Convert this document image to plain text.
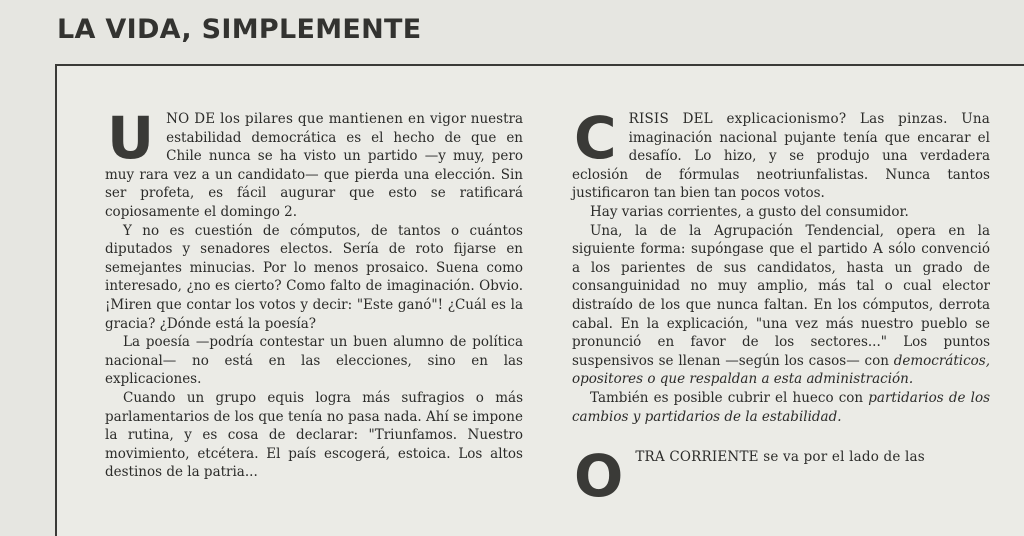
LA VIDA, SIMPLEMENTE

U NO DE los pilares que mantienen en vigor nuestra estabilidad democrática es el hecho de que en Chile nunca se ha visto un partido —y muy, pero muy rara vez a un candidato— que pierda una elección. Sin ser profeta, es fácil augurar que esto se ratificará copiosamente el domingo 2.

Y no es cuestión de cómputos, de tantos o cuántos diputados y senadores electos. Sería de roto fijarse en semejantes minucias. Por lo menos prosaico. Suena como interesado, ¿no es cierto? Como falto de imaginación. Obvio. ¡Miren que contar los votos y decir: "Este ganó"! ¿Cuál es la gracia? ¿Dónde está la poesía?

La poesía —podría contestar un buen alumno de política nacional— no está en las elecciones, sino en las explicaciones.

Cuando un grupo equis logra más sufragios o más parlamentarios de los que tenía no pasa nada. Ahí se impone la rutina, y es cosa de declarar: "Triunfamos. Nuestro movimiento, etcétera. El país escogerá, estoica. Los altos destinos de la patria...

C RISIS DEL explicacionismo? Las pinzas. Una imaginación nacional pujante tenía que encarar el desafío. Lo hizo, y se produjo una verdadera eclosión de fórmulas neotriunfalistas. Nunca tantos justificaron tan bien tan pocos votos.

Hay varias corrientes, a gusto del consumidor.

Una, la de la Agrupación Tendencial, opera en la siguiente forma: supóngase que el partido A sólo convenció a los parientes de sus candidatos, hasta un grado de consanguinidad no muy amplio, más tal o cual elector distraído de los que nunca faltan. En los cómputos, derrota cabal. En la explicación, "una vez más nuestro pueblo se pronunció en favor de los sectores..." Los puntos suspensivos se llenan —según los casos— con democráticos, opositores o que respaldan a esta administración.

También es posible cubrir el hueco con partidarios de los cambios y partidarios de la estabilidad.

O TRA CORRIENTE se va por el lado de las
